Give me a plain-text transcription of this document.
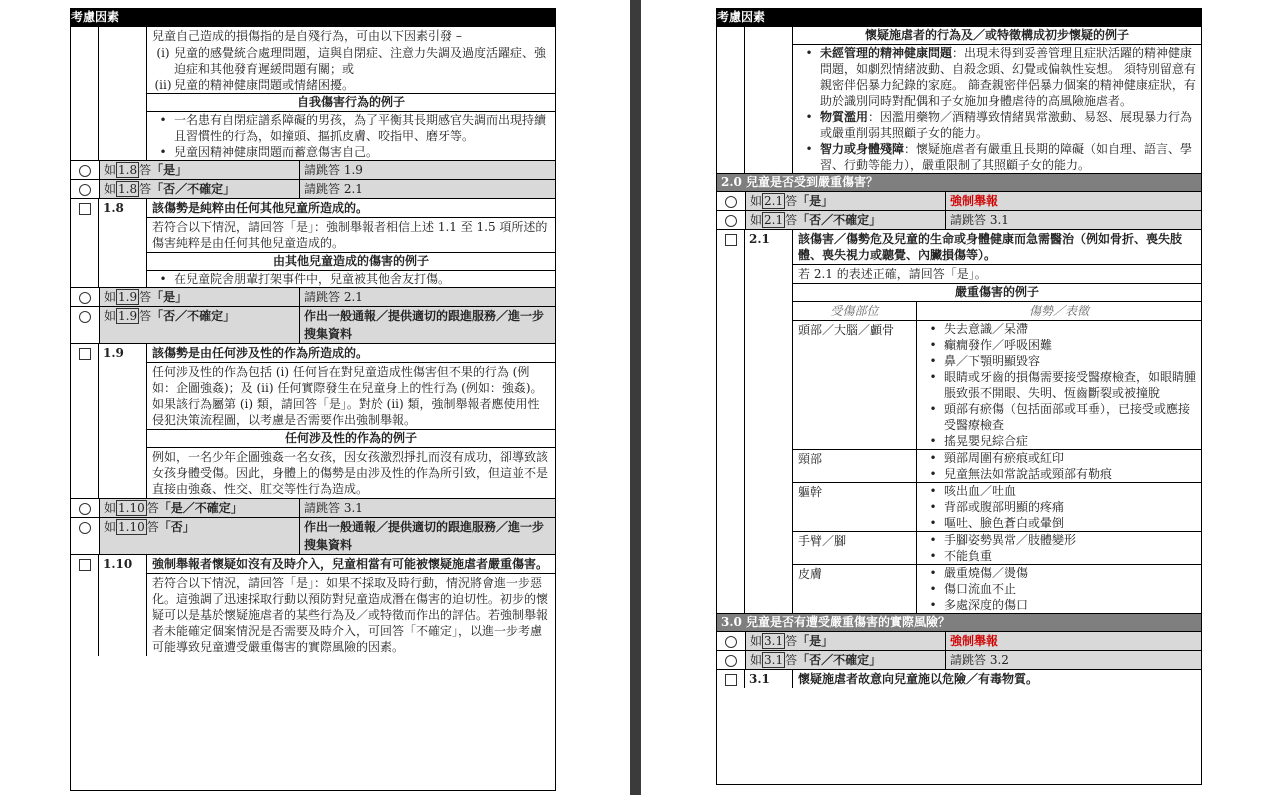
考慮因素
兒童自己造成的損傷指的是自殘行為，可由以下因素引發 –
(i) 兒童的感覺統合處理問題，這與自閉症、注意力失調及過度活躍症、強迫症和其他發育遲緩問題有關；或
(ii) 兒童的精神健康問題或情緒困擾。
自我傷害行為的例子
• 一名患有自閉症譜系障礙的男孩，為了平衡其長期感官失調而出現持續且習慣性的行為，如撞頭、摳抓皮膚、咬指甲、磨牙等。
• 兒童因精神健康問題而蓄意傷害自己。
如 1.8 答「是」	請跳答 1.9
如 1.8 答「否／不確定」	請跳答 2.1
1.8	該傷勢是純粹由任何其他兒童所造成的。
若符合以下情況，請回答「是」：強制舉報者相信上述 1.1 至 1.5 項所述的傷害純粹是由任何其他兒童造成的。
由其他兒童造成的傷害的例子
• 在兒童院舍朋輩打架事件中，兒童被其他舍友打傷。
如 1.9 答「是」	請跳答 2.1
如 1.9 答「否／不確定」	作出一般通報／提供適切的跟進服務／進一步搜集資料
1.9	該傷勢是由任何涉及性的作為所造成的。
任何涉及性的作為包括 (i) 任何旨在對兒童造成性傷害但不果的行為 (例如：企圖強姦)；及 (ii) 任何實際發生在兒童身上的性行為 (例如：強姦)。 如果該行為屬第 (i) 類，請回答「是」。對於 (ii) 類，強制舉報者應使用性侵犯決策流程圖，以考慮是否需要作出強制舉報。
任何涉及性的作為的例子
例如，一名少年企圖強姦一名女孩，因女孩激烈掙扎而沒有成功，卻導致該女孩身體受傷。因此，身體上的傷勢是由涉及性的作為所引致，但這並不是直接由強姦、性交、肛交等性行為造成。
如 1.10 答「是／不確定」	請跳答 3.1
如 1.10 答「否」	作出一般通報／提供適切的跟進服務／進一步搜集資料
1.10	強制舉報者懷疑如沒有及時介入，兒童相當有可能被懷疑施虐者嚴重傷害。
若符合以下情況，請回答「是」：如果不採取及時行動，情況將會進一步惡化。這強調了迅速採取行動以預防對兒童造成潛在傷害的迫切性。初步的懷疑可以是基於懷疑施虐者的某些行為及／或特徵而作出的評估。若強制舉報者未能確定個案情況是否需要及時介入，可回答「不確定」，以進一步考慮可能導致兒童遭受嚴重傷害的實際風險的因素。
考慮因素
懷疑施虐者的行為及／或特徵構成初步懷疑的例子
• 未經管理的精神健康問題：出現未得到妥善管理且症狀活躍的精神健康問題，如劇烈情緒波動、自殺念頭、幻覺或偏執性妄想。 須特別留意有親密伴侶暴力紀錄的家庭。 篩查親密伴侶暴力個案的精神健康症狀，有助於識別同時對配偶和子女施加身體虐待的高風險施虐者。
• 物質濫用：因濫用藥物／酒精導致情緒異常激動、易怒、展現暴力行為或嚴重削弱其照顧子女的能力。
• 智力或身體殘障：懷疑施虐者有嚴重且長期的障礙（如自理、語言、學習、行動等能力），嚴重限制了其照顧子女的能力。
2.0 兒童是否受到嚴重傷害？
如 2.1 答「是」	強制舉報
如 2.1 答「否／不確定」	請跳答 3.1
2.1	該傷害／傷勢危及兒童的生命或身體健康而急需醫治（例如骨折、喪失肢體、喪失視力或聽覺、內臟損傷等）。
若 2.1 的表述正確，請回答「是」。
嚴重傷害的例子
受傷部位	傷勢／表徵
頭部／大腦／顱骨	• 失去意識／呆滯
• 癲癇發作／呼吸困難
• 鼻／下顎明顯毀容
• 眼睛或牙齒的損傷需要接受醫療檢查，如眼睛腫脹致張不開眼、失明、恆齒斷裂或被撞脫
• 頭部有瘀傷（包括面部或耳垂），已接受或應接受醫療檢查
• 搖晃嬰兒綜合症
頸部	• 頸部周圍有瘀痕或紅印
• 兒童無法如常說話或頸部有勒痕
軀幹	• 咳出血／吐血
• 背部或腹部明顯的疼痛
• 嘔吐、臉色蒼白或暈倒
手臂／腳	• 手腳姿勢異常／肢體變形
• 不能負重
皮膚	• 嚴重燒傷／燙傷
• 傷口流血不止
• 多處深度的傷口
3.0 兒童是否有遭受嚴重傷害的實際風險？
如 3.1 答「是」	強制舉報
如 3.1 答「否／不確定」	請跳答 3.2
3.1	懷疑施虐者故意向兒童施以危險／有毒物質。
